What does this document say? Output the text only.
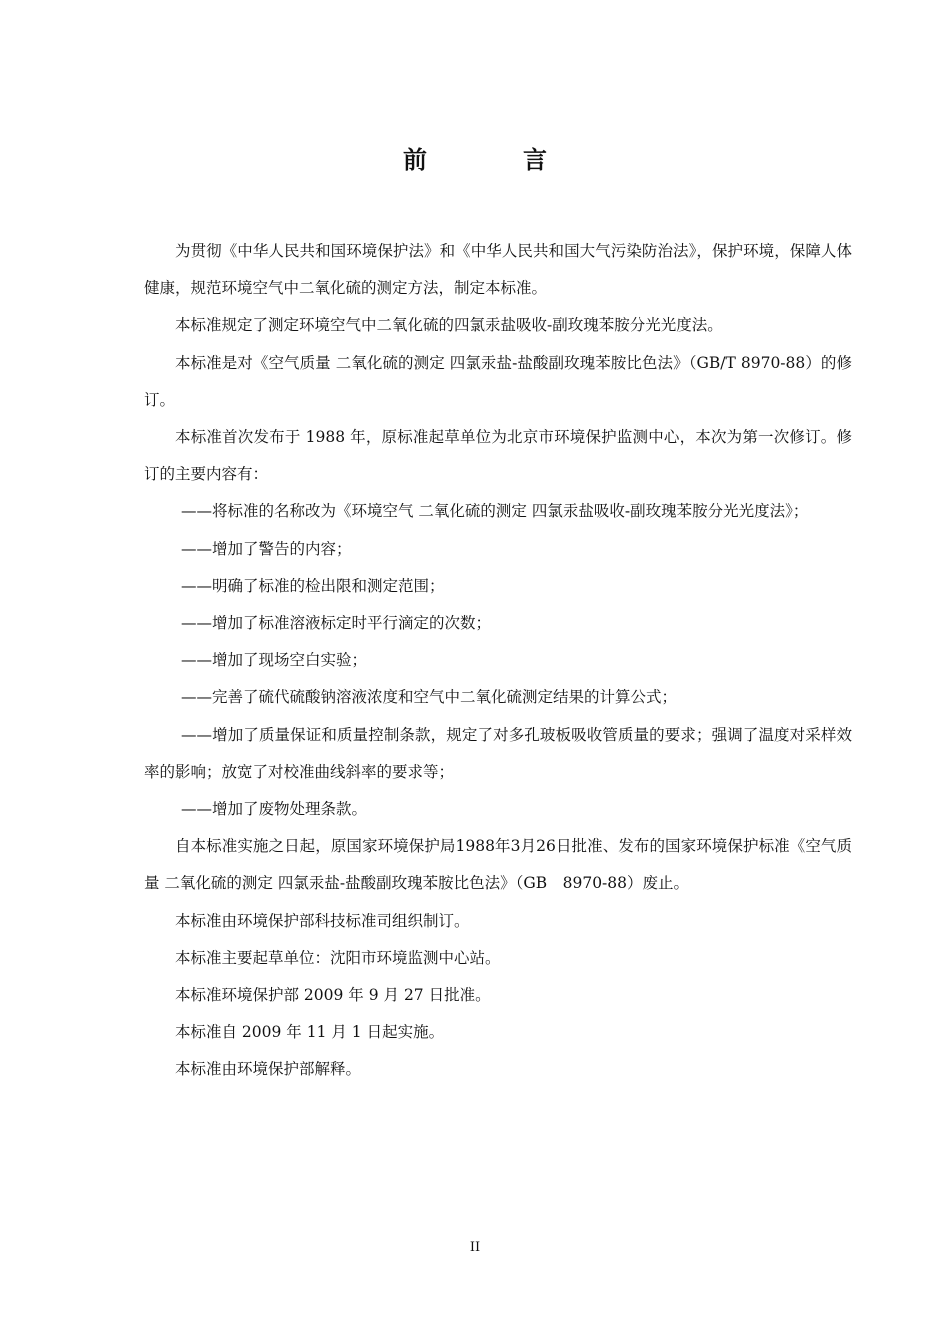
前　言

为贯彻《中华人民共和国环境保护法》和《中华人民共和国大气污染防治法》，保护环境，保障人体健康，规范环境空气中二氧化硫的测定方法，制定本标准。

本标准规定了测定环境空气中二氧化硫的四氯汞盐吸收-副玫瑰苯胺分光光度法。

本标准是对《空气质量 二氧化硫的测定 四氯汞盐-盐酸副玫瑰苯胺比色法》（GB/T 8970-88）的修订。

本标准首次发布于 1988 年，原标准起草单位为北京市环境保护监测中心，本次为第一次修订。修订的主要内容有：

——将标准的名称改为《环境空气 二氧化硫的测定 四氯汞盐吸收-副玫瑰苯胺分光光度法》；

——增加了警告的内容；

——明确了标准的检出限和测定范围；

——增加了标准溶液标定时平行滴定的次数；

——增加了现场空白实验；

——完善了硫代硫酸钠溶液浓度和空气中二氧化硫测定结果的计算公式；

——增加了质量保证和质量控制条款，规定了对多孔玻板吸收管质量的要求；强调了温度对采样效率的影响；放宽了对校准曲线斜率的要求等；

——增加了废物处理条款。

自本标准实施之日起，原国家环境保护局1988年3月26日批准、发布的国家环境保护标准《空气质量 二氧化硫的测定 四氯汞盐-盐酸副玫瑰苯胺比色法》（GB　8970-88）废止。

本标准由环境保护部科技标准司组织制订。

本标准主要起草单位：沈阳市环境监测中心站。

本标准环境保护部 2009 年 9 月 27 日批准。

本标准自 2009 年 11 月 1 日起实施。

本标准由环境保护部解释。

II
